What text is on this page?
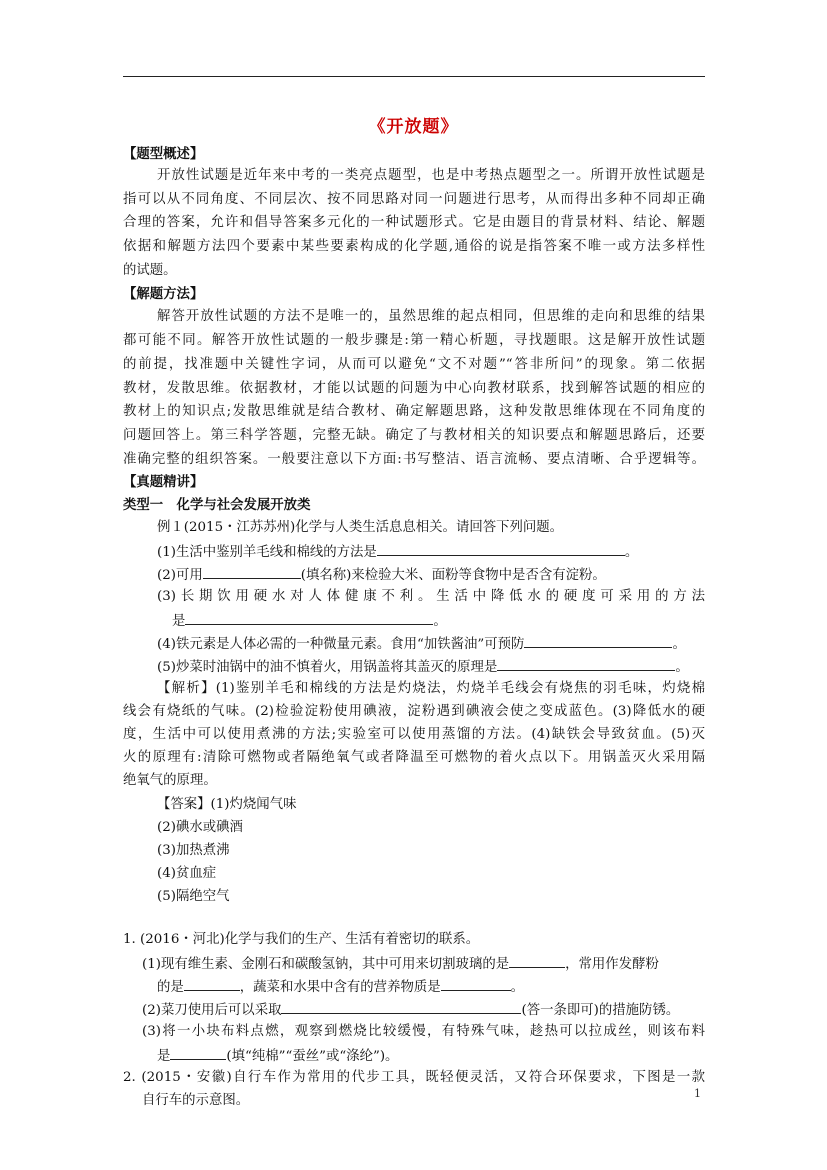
《开放题》
【题型概述】
开放性试题是近年来中考的一类亮点题型，也是中考热点题型之一。所谓开放性试题是
指可以从不同角度、不同层次、按不同思路对同一问题进行思考，从而得出多种不同却正确
合理的答案，允许和倡导答案多元化的一种试题形式。它是由题目的背景材料、结论、解题
依据和解题方法四个要素中某些要素构成的化学题,通俗的说是指答案不唯一或方法多样性
的试题。
【解题方法】
解答开放性试题的方法不是唯一的，虽然思维的起点相同，但思维的走向和思维的结果
都可能不同。解答开放性试题的一般步骤是:第一精心析题，寻找题眼。这是解开放性试题
的前提，找准题中关键性字词，从而可以避免“文不对题”“答非所问”的现象。第二依据
教材，发散思维。依据教材，才能以试题的问题为中心向教材联系，找到解答试题的相应的
教材上的知识点;发散思维就是结合教材、确定解题思路，这种发散思维体现在不同角度的
问题回答上。第三科学答题，完整无缺。确定了与教材相关的知识要点和解题思路后，还要
准确完整的组织答案。一般要注意以下方面:书写整洁、语言流畅、要点清晰、合乎逻辑等。
【真题精讲】
类型一　化学与社会发展开放类
例１(2015・江苏苏州)化学与人类生活息息相关。请回答下列问题。
(1)生活中鉴别羊毛线和棉线的方法是	。
(2)可用	(填名称)来检验大米、面粉等食物中是否含有淀粉。
(3)长期饮用硬水对人体健康不利。生活中降低水的硬度可采用的方法
是	。
(4)铁元素是人体必需的一种微量元素。食用“加铁酱油”可预防	。
(5)炒菜时油锅中的油不慎着火，用锅盖将其盖灭的原理是	。
【解析】(1)鉴别羊毛和棉线的方法是灼烧法，灼烧羊毛线会有烧焦的羽毛味，灼烧棉
线会有烧纸的气味。(2)检验淀粉使用碘液，淀粉遇到碘液会使之变成蓝色。(3)降低水的硬
度，生活中可以使用煮沸的方法;实验室可以使用蒸馏的方法。(4)缺铁会导致贫血。(5)灭
火的原理有:清除可燃物或者隔绝氧气或者降温至可燃物的着火点以下。用锅盖灭火采用隔
绝氧气的原理。
【答案】(1)灼烧闻气味
(2)碘水或碘酒
(3)加热煮沸
(4)贫血症
(5)隔绝空气
1. (2016・河北)化学与我们的生产、生活有着密切的联系。
(1)现有维生素、金刚石和碳酸氢钠，其中可用来切割玻璃的是	，常用作发酵粉
的是	，蔬菜和水果中含有的营养物质是	。
(2)菜刀使用后可以采取	(答一条即可)的措施防锈。
(3)将一小块布料点燃，观察到燃烧比较缓慢，有特殊气味，趁热可以拉成丝，则该布料
是	(填“纯棉”“蚕丝”或“涤纶”)。
2. (2015・安徽)自行车作为常用的代步工具，既轻便灵活，又符合环保要求，下图是一款
自行车的示意图。	1
